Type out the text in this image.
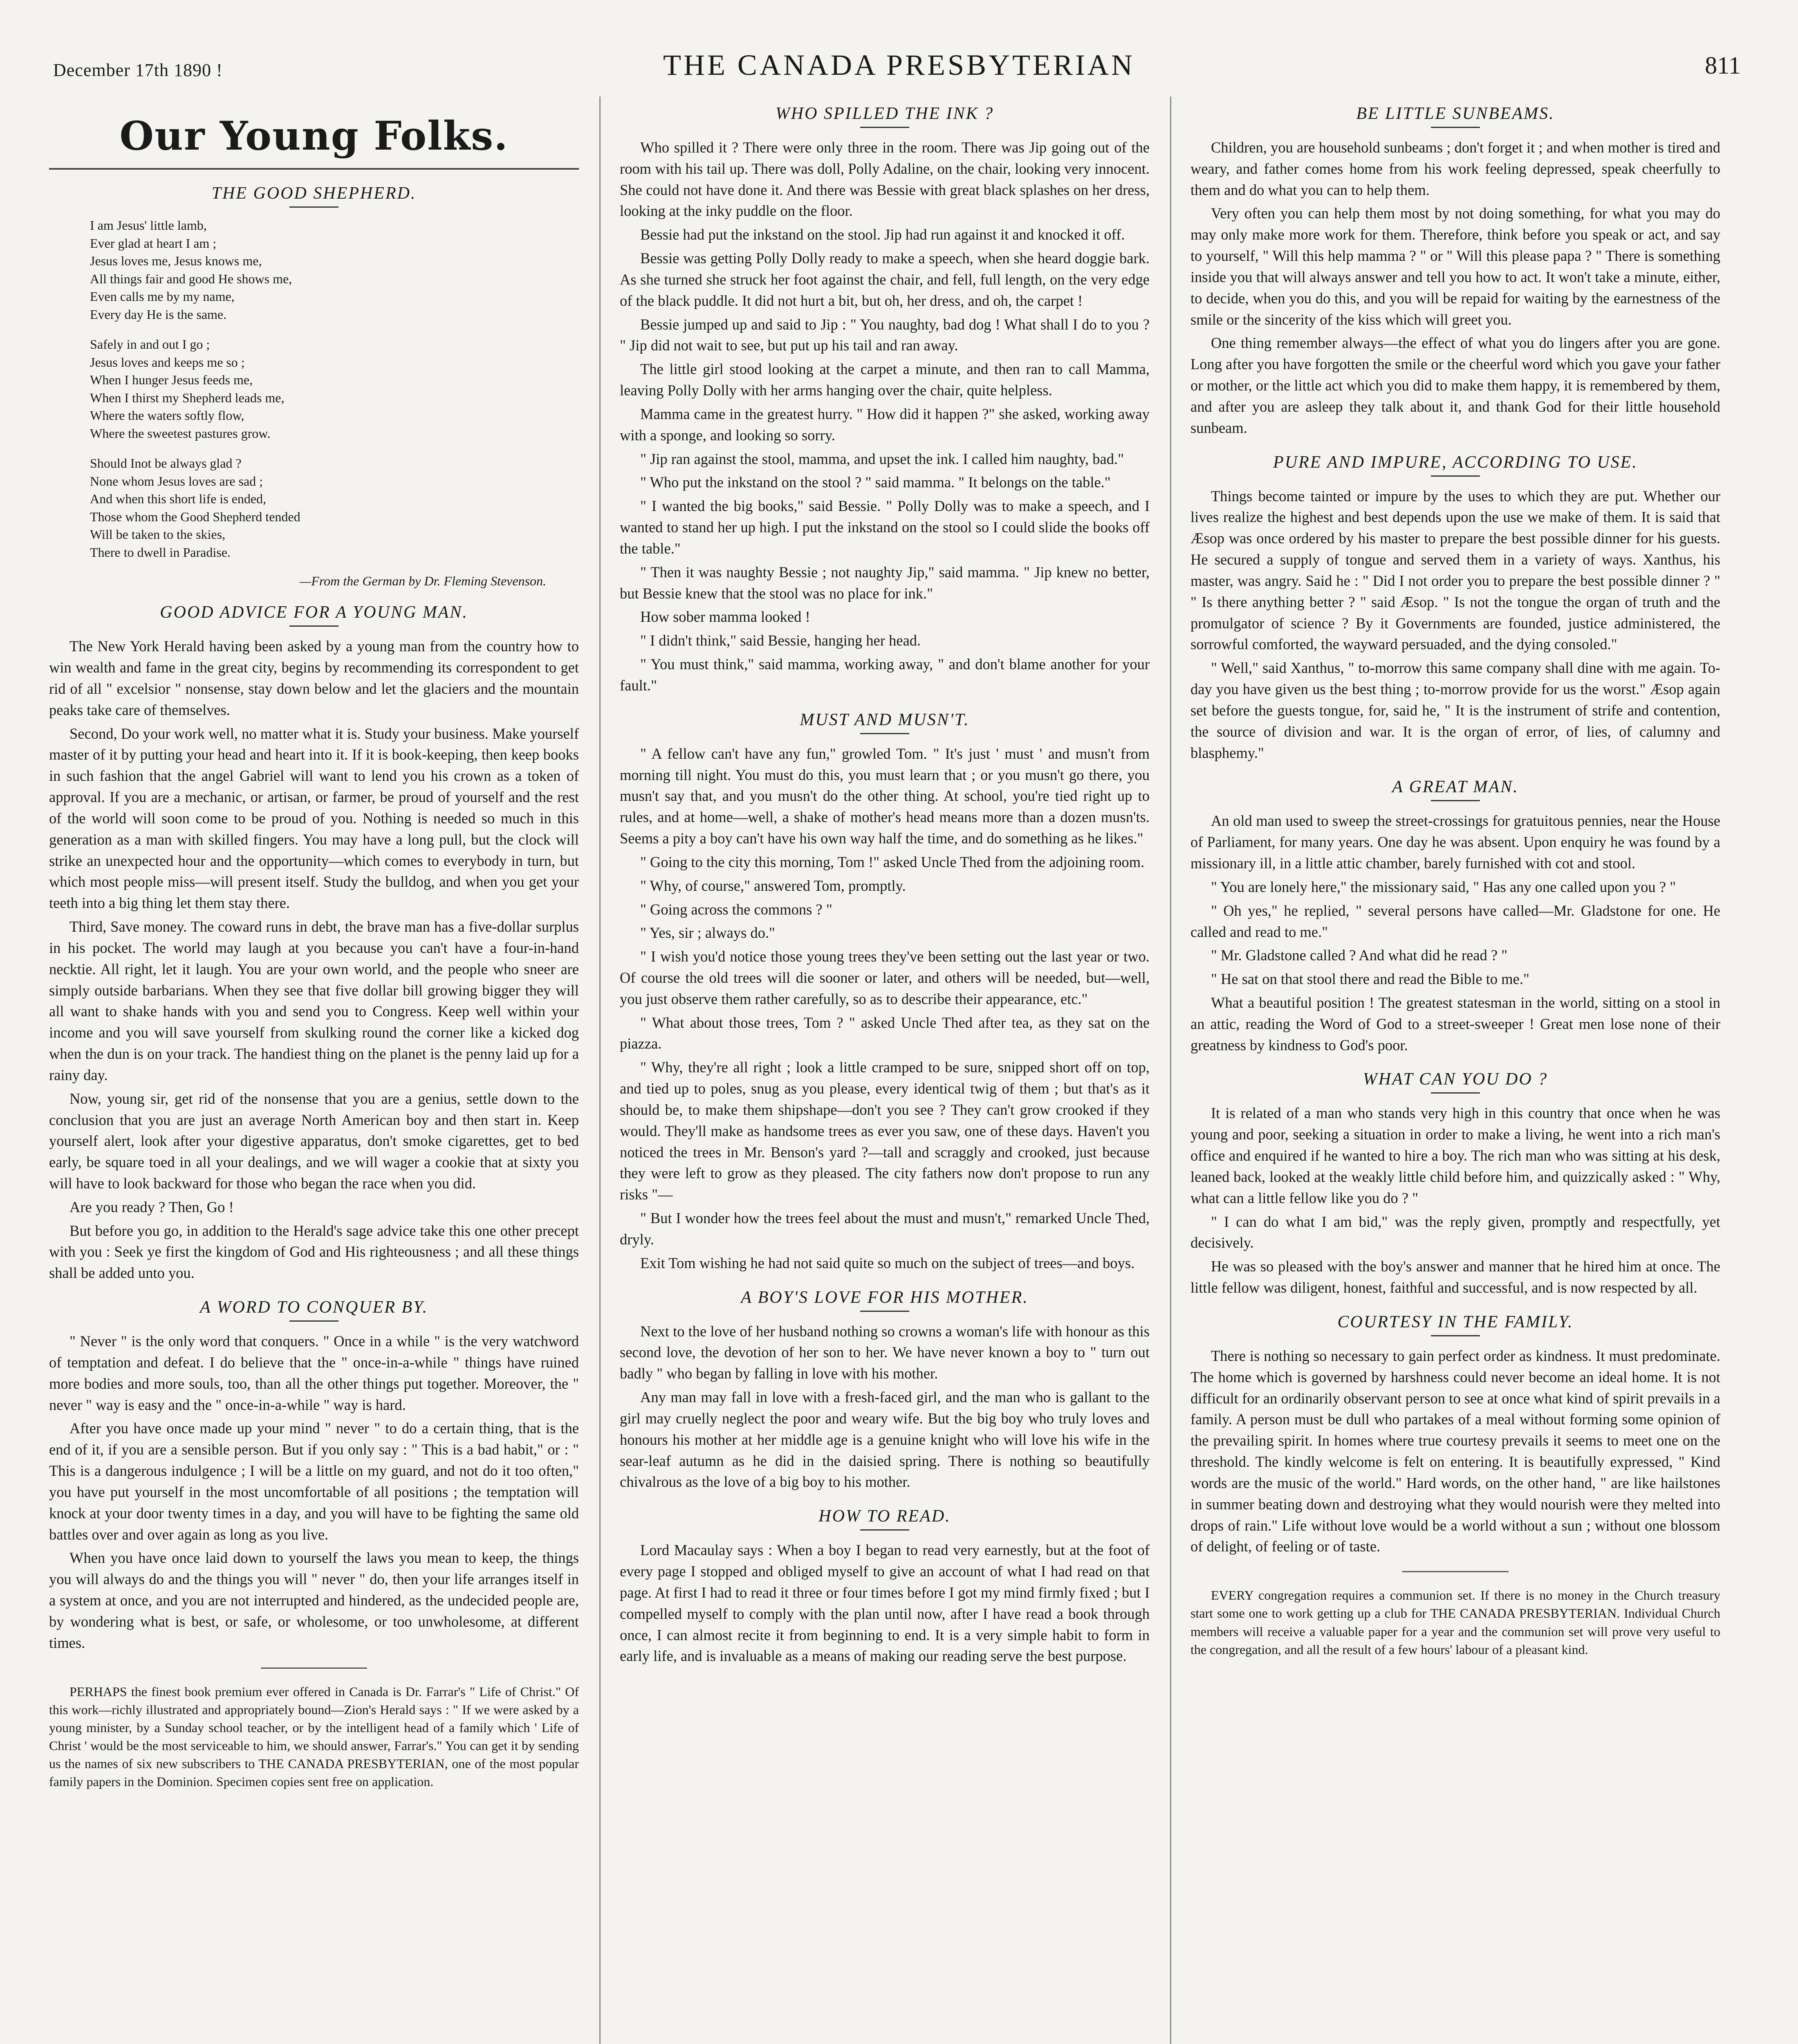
December 17th 1890 !	THE CANADA PRESBYTERIAN	811
Our Young Folks.
THE GOOD SHEPHERD.
I am Jesus' little lamb,
Ever glad at heart I am ;
Jesus loves me, Jesus knows me,
All things fair and good He shows me,
Even calls me by my name,
Every day He is the same.
Safely in and out I go ;
Jesus loves and keeps me so ;
When I hunger Jesus feeds me,
When I thirst my Shepherd leads me,
Where the waters softly flow,
Where the sweetest pastures grow.
Should Inot be always glad ?
None whom Jesus loves are sad ;
And when this short life is ended,
Those whom the Good Shepherd tended
Will be taken to the skies,
There to dwell in Paradise.
—From the German by Dr. Fleming Stevenson.
GOOD ADVICE FOR A YOUNG MAN.

The New York Herald having been asked by a young man from the country how to win wealth and fame in the great city, begins by recommending its correspondent to get rid of all " excelsior " nonsense, stay down below and let the glaciers and the mountain peaks take care of themselves.

Second, Do your work well, no matter what it is. Study your business. Make yourself master of it by putting your head and heart into it. If it is book-keeping, then keep books in such fashion that the angel Gabriel will want to lend you his crown as a token of approval. If you are a mechanic, or artisan, or farmer, be proud of yourself and the rest of the world will soon come to be proud of you. Nothing is needed so much in this generation as a man with skilled fingers. You may have a long pull, but the clock will strike an unexpected hour and the opportunity—which comes to everybody in turn, but which most people miss—will present itself. Study the bulldog, and when you get your teeth into a big thing let them stay there.

Third, Save money. The coward runs in debt, the brave man has a five-dollar surplus in his pocket. The world may laugh at you because you can't have a four-in-hand necktie. All right, let it laugh. You are your own world, and the people who sneer are simply outside barbarians. When they see that five dollar bill growing bigger they will all want to shake hands with you and send you to Congress. Keep well within your income and you will save yourself from skulking round the corner like a kicked dog when the dun is on your track. The handiest thing on the planet is the penny laid up for a rainy day.

Now, young sir, get rid of the nonsense that you are a genius, settle down to the conclusion that you are just an average North American boy and then start in. Keep yourself alert, look after your digestive apparatus, don't smoke cigarettes, get to bed early, be square toed in all your dealings, and we will wager a cookie that at sixty you will have to look backward for those who began the race when you did.

Are you ready ? Then, Go !

But before you go, in addition to the Herald's sage advice take this one other precept with you : Seek ye first the kingdom of God and His righteousness ; and all these things shall be added unto you.

A WORD TO CONQUER BY.

" Never " is the only word that conquers. " Once in a while " is the very watchword of temptation and defeat. I do believe that the " once-in-a-while " things have ruined more bodies and more souls, too, than all the other things put together. Moreover, the " never " way is easy and the " once-in-a-while " way is hard.

After you have once made up your mind " never " to do a certain thing, that is the end of it, if you are a sensible person. But if you only say : " This is a bad habit," or : " This is a dangerous indulgence ; I will be a little on my guard, and not do it too often," you have put yourself in the most uncomfortable of all positions ; the temptation will knock at your door twenty times in a day, and you will have to be fighting the same old battles over and over again as long as you live.

When you have once laid down to yourself the laws you mean to keep, the things you will always do and the things you will " never " do, then your life arranges itself in a system at once, and you are not interrupted and hindered, as the undecided people are, by wondering what is best, or safe, or wholesome, or too unwholesome, at different times.

PERHAPS the finest book premium ever offered in Canada is Dr. Farrar's " Life of Christ." Of this work—richly illustrated and appropriately bound—Zion's Herald says : " If we were asked by a young minister, by a Sunday school teacher, or by the intelligent head of a family which ' Life of Christ ' would be the most serviceable to him, we should answer, Farrar's." You can get it by sending us the names of six new subscribers to THE CANADA PRESBYTERIAN, one of the most popular family papers in the Dominion. Specimen copies sent free on application.

WHO SPILLED THE INK ?

Who spilled it ? There were only three in the room. There was Jip going out of the room with his tail up. There was doll, Polly Adaline, on the chair, looking very innocent. She could not have done it. And there was Bessie with great black splashes on her dress, looking at the inky puddle on the floor.

Bessie had put the inkstand on the stool. Jip had run against it and knocked it off.

Bessie was getting Polly Dolly ready to make a speech, when she heard doggie bark. As she turned she struck her foot against the chair, and fell, full length, on the very edge of the black puddle. It did not hurt a bit, but oh, her dress, and oh, the carpet !

Bessie jumped up and said to Jip : " You naughty, bad dog ! What shall I do to you ? " Jip did not wait to see, but put up his tail and ran away.

The little girl stood looking at the carpet a minute, and then ran to call Mamma, leaving Polly Dolly with her arms hanging over the chair, quite helpless.

Mamma came in the greatest hurry. " How did it happen ?" she asked, working away with a sponge, and looking so sorry.

" Jip ran against the stool, mamma, and upset the ink. I called him naughty, bad."

" Who put the inkstand on the stool ? " said mamma. " It belongs on the table."

" I wanted the big books," said Bessie. " Polly Dolly was to make a speech, and I wanted to stand her up high. I put the inkstand on the stool so I could slide the books off the table."

" Then it was naughty Bessie ; not naughty Jip," said mamma. " Jip knew no better, but Bessie knew that the stool was no place for ink."

How sober mamma looked !

" I didn't think," said Bessie, hanging her head.

" You must think," said mamma, working away, " and don't blame another for your fault."

MUST AND MUSN'T.

" A fellow can't have any fun," growled Tom. " It's just ' must ' and musn't from morning till night. You must do this, you must learn that ; or you musn't go there, you musn't say that, and you musn't do the other thing. At school, you're tied right up to rules, and at home—well, a shake of mother's head means more than a dozen musn'ts. Seems a pity a boy can't have his own way half the time, and do something as he likes."

" Going to the city this morning, Tom !" asked Uncle Thed from the adjoining room.

" Why, of course," answered Tom, promptly.

" Going across the commons ? "

" Yes, sir ; always do."

" I wish you'd notice those young trees they've been setting out the last year or two. Of course the old trees will die sooner or later, and others will be needed, but—well, you just observe them rather carefully, so as to describe their appearance, etc."

" What about those trees, Tom ? " asked Uncle Thed after tea, as they sat on the piazza.

" Why, they're all right ; look a little cramped to be sure, snipped short off on top, and tied up to poles, snug as you please, every identical twig of them ; but that's as it should be, to make them shipshape—don't you see ? They can't grow crooked if they would. They'll make as handsome trees as ever you saw, one of these days. Haven't you noticed the trees in Mr. Benson's yard ?—tall and scraggly and crooked, just because they were left to grow as they pleased. The city fathers now don't propose to run any risks "—

" But I wonder how the trees feel about the must and musn't," remarked Uncle Thed, dryly.

Exit Tom wishing he had not said quite so much on the subject of trees—and boys.

A BOY'S LOVE FOR HIS MOTHER.

Next to the love of her husband nothing so crowns a woman's life with honour as this second love, the devotion of her son to her. We have never known a boy to " turn out badly " who began by falling in love with his mother.

Any man may fall in love with a fresh-faced girl, and the man who is gallant to the girl may cruelly neglect the poor and weary wife. But the big boy who truly loves and honours his mother at her middle age is a genuine knight who will love his wife in the sear-leaf autumn as he did in the daisied spring. There is nothing so beautifully chivalrous as the love of a big boy to his mother.

HOW TO READ.

Lord Macaulay says : When a boy I began to read very earnestly, but at the foot of every page I stopped and obliged myself to give an account of what I had read on that page. At first I had to read it three or four times before I got my mind firmly fixed ; but I compelled myself to comply with the plan until now, after I have read a book through once, I can almost recite it from beginning to end. It is a very simple habit to form in early life, and is invaluable as a means of making our reading serve the best purpose.

BE LITTLE SUNBEAMS.

Children, you are household sunbeams ; don't forget it ; and when mother is tired and weary, and father comes home from his work feeling depressed, speak cheerfully to them and do what you can to help them.

Very often you can help them most by not doing something, for what you may do may only make more work for them. Therefore, think before you speak or act, and say to yourself, " Will this help mamma ? " or " Will this please papa ? " There is something inside you that will always answer and tell you how to act. It won't take a minute, either, to decide, when you do this, and you will be repaid for waiting by the earnestness of the smile or the sincerity of the kiss which will greet you.

One thing remember always—the effect of what you do lingers after you are gone. Long after you have forgotten the smile or the cheerful word which you gave your father or mother, or the little act which you did to make them happy, it is remembered by them, and after you are asleep they talk about it, and thank God for their little household sunbeam.

PURE AND IMPURE, ACCORDING TO USE.

Things become tainted or impure by the uses to which they are put. Whether our lives realize the highest and best depends upon the use we make of them. It is said that Æsop was once ordered by his master to prepare the best possible dinner for his guests. He secured a supply of tongue and served them in a variety of ways. Xanthus, his master, was angry. Said he : " Did I not order you to prepare the best possible dinner ? " " Is there anything better ? " said Æsop. " Is not the tongue the organ of truth and the promulgator of science ? By it Governments are founded, justice administered, the sorrowful comforted, the wayward persuaded, and the dying consoled."

" Well," said Xanthus, " to-morrow this same company shall dine with me again. To-day you have given us the best thing ; to-morrow provide for us the worst." Æsop again set before the guests tongue, for, said he, " It is the instrument of strife and contention, the source of division and war. It is the organ of error, of lies, of calumny and blasphemy."

A GREAT MAN.

An old man used to sweep the street-crossings for gratuitous pennies, near the House of Parliament, for many years. One day he was absent. Upon enquiry he was found by a missionary ill, in a little attic chamber, barely furnished with cot and stool.

" You are lonely here," the missionary said, " Has any one called upon you ? "

" Oh yes," he replied, " several persons have called—Mr. Gladstone for one. He called and read to me."

" Mr. Gladstone called ? And what did he read ? "

" He sat on that stool there and read the Bible to me."

What a beautiful position ! The greatest statesman in the world, sitting on a stool in an attic, reading the Word of God to a street-sweeper ! Great men lose none of their greatness by kindness to God's poor.

WHAT CAN YOU DO ?

It is related of a man who stands very high in this country that once when he was young and poor, seeking a situation in order to make a living, he went into a rich man's office and enquired if he wanted to hire a boy. The rich man who was sitting at his desk, leaned back, looked at the weakly little child before him, and quizzically asked : " Why, what can a little fellow like you do ? "

" I can do what I am bid," was the reply given, promptly and respectfully, yet decisively.

He was so pleased with the boy's answer and manner that he hired him at once. The little fellow was diligent, honest, faithful and successful, and is now respected by all.

COURTESY IN THE FAMILY.

There is nothing so necessary to gain perfect order as kindness. It must predominate. The home which is governed by harshness could never become an ideal home. It is not difficult for an ordinarily observant person to see at once what kind of spirit prevails in a family. A person must be dull who partakes of a meal without forming some opinion of the prevailing spirit. In homes where true courtesy prevails it seems to meet one on the threshold. The kindly welcome is felt on entering. It is beautifully expressed, " Kind words are the music of the world." Hard words, on the other hand, " are like hailstones in summer beating down and destroying what they would nourish were they melted into drops of rain." Life without love would be a world without a sun ; without one blossom of delight, of feeling or of taste.

EVERY congregation requires a communion set. If there is no money in the Church treasury start some one to work getting up a club for THE CANADA PRESBYTERIAN. Individual Church members will receive a valuable paper for a year and the communion set will prove very useful to the congregation, and all the result of a few hours' labour of a pleasant kind.
